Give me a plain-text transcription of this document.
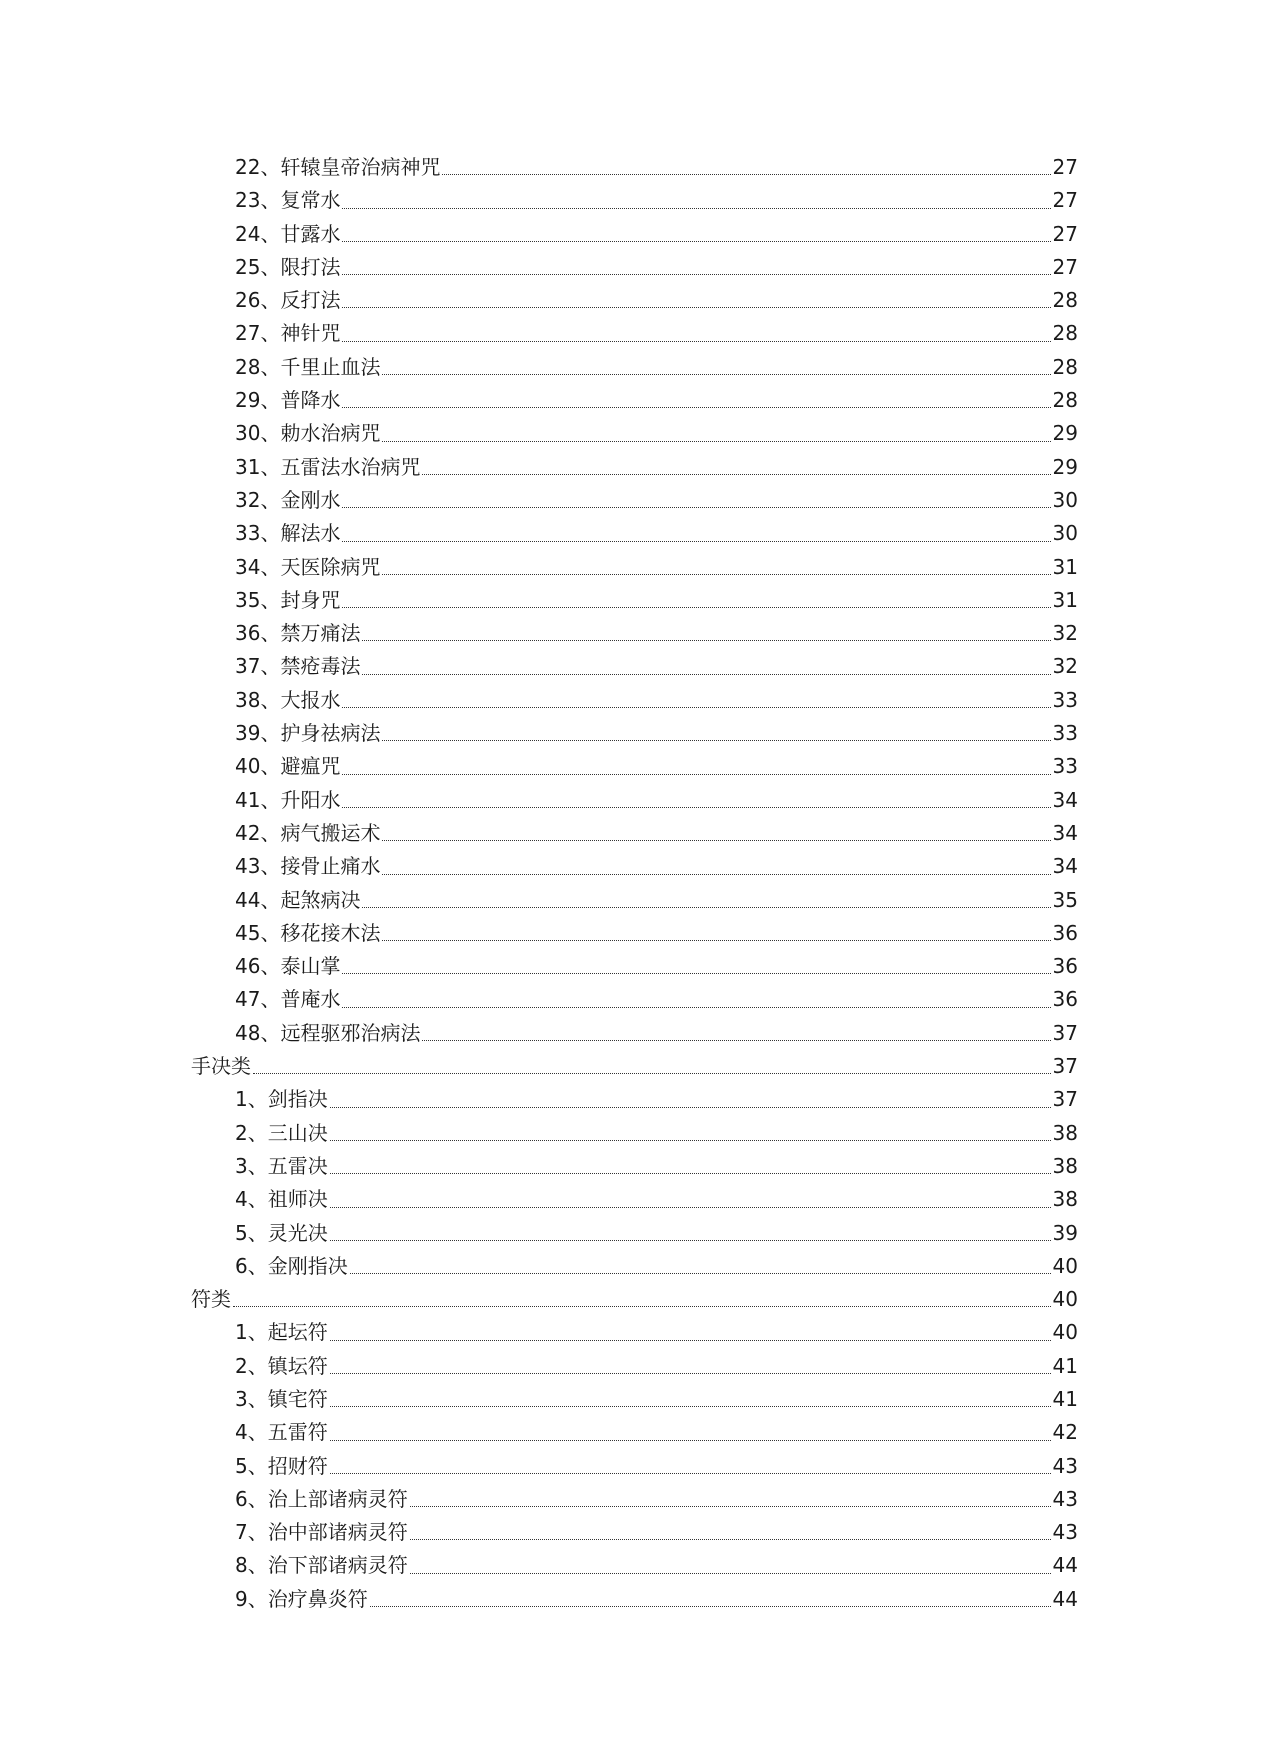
22、轩辕皇帝治病神咒	27
23、复常水	27
24、甘露水	27
25、限打法	27
26、反打法	28
27、神针咒	28
28、千里止血法	28
29、普降水	28
30、勅水治病咒	29
31、五雷法水治病咒	29
32、金刚水	30
33、解法水	30
34、天医除病咒	31
35、封身咒	31
36、禁万痛法	32
37、禁疮毒法	32
38、大报水	33
39、护身祛病法	33
40、避瘟咒	33
41、升阳水	34
42、病气搬运术	34
43、接骨止痛水	34
44、起煞病决	35
45、移花接木法	36
46、泰山掌	36
47、普庵水	36
48、远程驱邪治病法	37
手决类	37
1、剑指决	37
2、三山决	38
3、五雷决	38
4、祖师决	38
5、灵光决	39
6、金刚指决	40
符类	40
1、起坛符	40
2、镇坛符	41
3、镇宅符	41
4、五雷符	42
5、招财符	43
6、治上部诸病灵符	43
7、治中部诸病灵符	43
8、治下部诸病灵符	44
9、治疗鼻炎符	44
